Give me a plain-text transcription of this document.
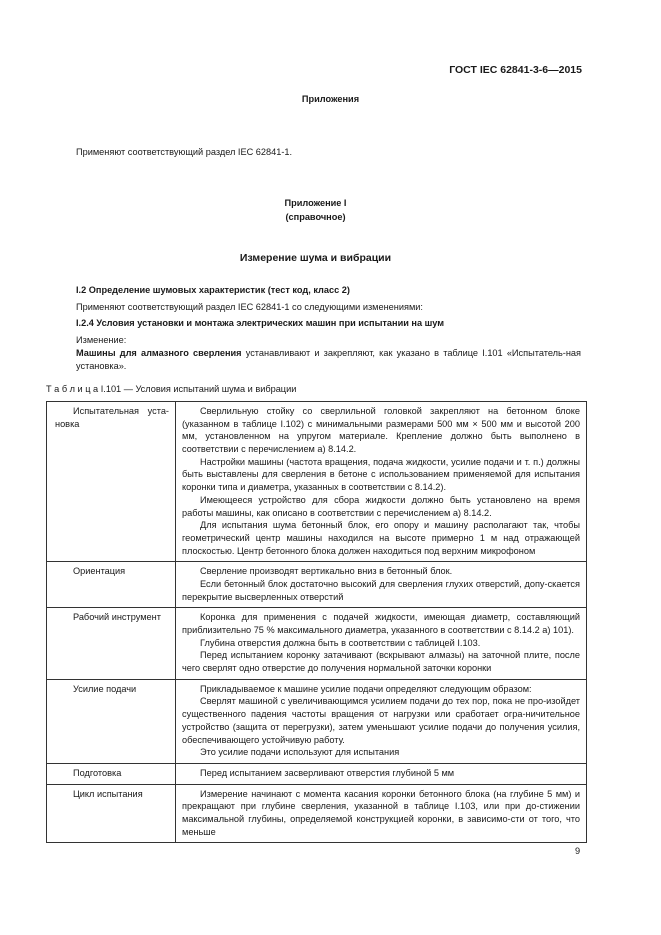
ГОСТ IEC 62841-3-6—2015
Приложения
Применяют соответствующий раздел IEC 62841-1.
Приложение I
(справочное)
Измерение шума и вибрации
I.2 Определение шумовых характеристик (тест код, класс 2)
Применяют соответствующий раздел IEC 62841-1 со следующими изменениями:
I.2.4 Условия установки и монтажа электрических машин при испытании на шум
Изменение:
Машины для алмазного сверления устанавливают и закрепляют, как указано в таблице I.101 «Испытатель-ная установка».
Т а б л и ц а I.101 — Условия испытаний шума и вибрации

Испытательная уста-новка	Сверлильную стойку со сверлильной головкой закрепляют на бетонном блоке (указанном в таблице I.102) с минимальными размерами 500 мм × 500 мм и высотой 200 мм, установленном на упругом материале. Крепление должно быть выполнено в соответствии с перечислением a) 8.14.2.

Настройки машины (частота вращения, подача жидкости, усилие подачи и т. п.) должны быть выставлены для сверления в бетоне с использованием применяемой для испытания коронки типа и диаметра, указанных в соответствии с 8.14.2).

Имеющееся устройство для сбора жидкости должно быть установлено на время работы машины, как описано в соответствии с перечислением a) 8.14.2.

Для испытания шума бетонный блок, его опору и машину располагают так, чтобы геометрический центр машины находился на высоте примерно 1 м над отражающей плоскостью. Центр бетонного блока должен находиться под верхним микрофоном

Ориентация	Сверление производят вертикально вниз в бетонный блок.

Если бетонный блок достаточно высокий для сверления глухих отверстий, допу-скается перекрытие высверленных отверстий

Рабочий инструмент	Коронка для применения с подачей жидкости, имеющая диаметр, составляющий приблизительно 75 % максимального диаметра, указанного в соответствии с 8.14.2 a) 101).

Глубина отверстия должна быть в соответствии с таблицей I.103.

Перед испытанием коронку затачивают (вскрывают алмазы) на заточной плите, после чего сверлят одно отверстие до получения нормальной заточки коронки

Усилие подачи	Прикладываемое к машине усилие подачи определяют следующим образом:

Сверлят машиной с увеличивающимся усилием подачи до тех пор, пока не про-изойдет существенного падения частоты вращения от нагрузки или сработает огра-ничительное устройство (защита от перегрузки), затем уменьшают усилие подачи до получения усилия, обеспечивающего устойчивую работу.

Это усилие подачи используют для испытания

Подготовка	Перед испытанием засверливают отверстия глубиной 5 мм

Цикл испытания	Измерение начинают с момента касания коронки бетонного блока (на глубине 5 мм) и прекращают при глубине сверления, указанной в таблице I.103, или при до-стижении максимальной глубины, определяемой конструкцией коронки, в зависимо-сти от того, что меньше

9
